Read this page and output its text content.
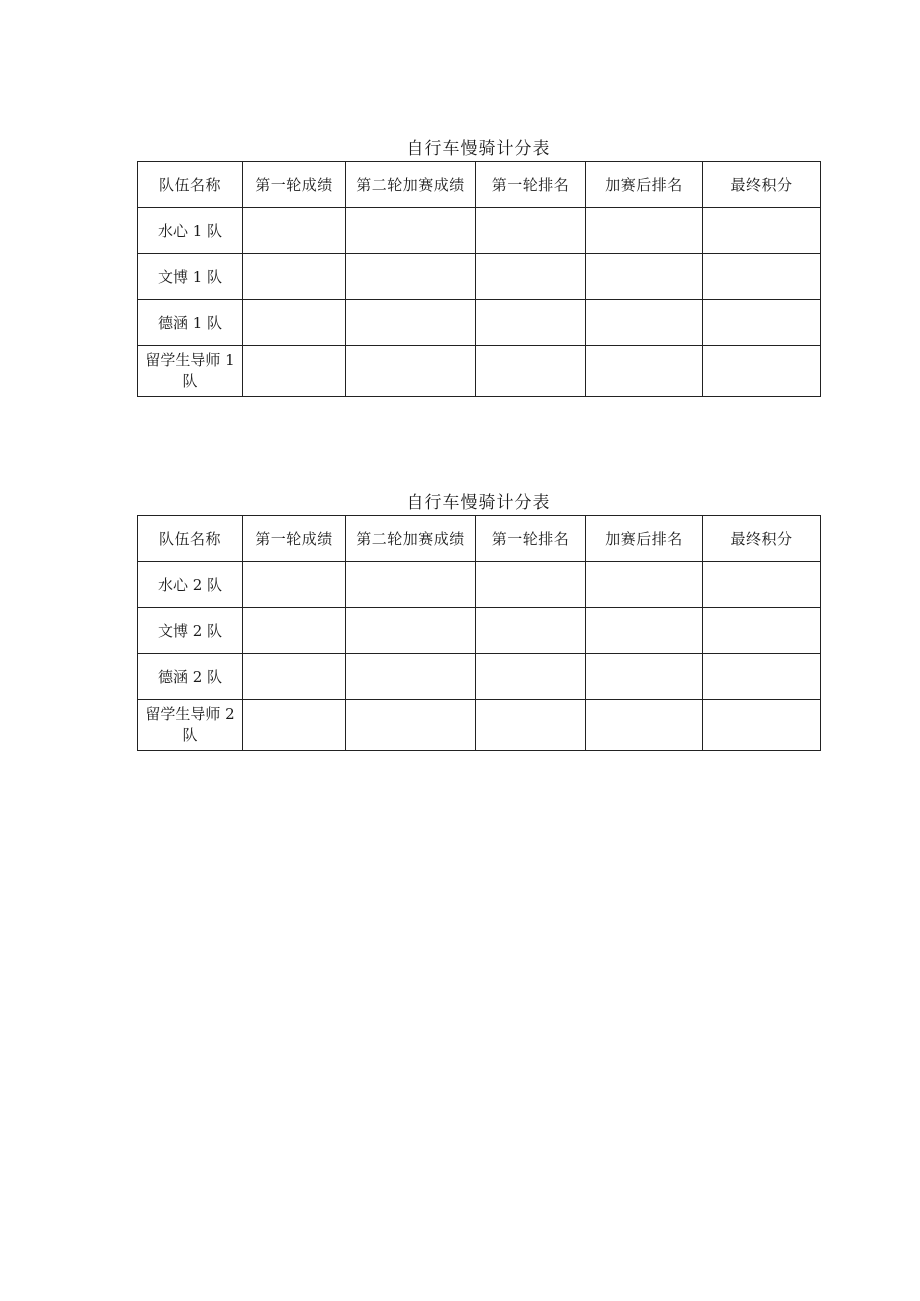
自行车慢骑计分表
队伍名称	第一轮成绩	第二轮加赛成绩	第一轮排名	加赛后排名	最终积分
水心 1 队					
文博 1 队					
德涵 1 队					
留学生导师 1 队					
自行车慢骑计分表
队伍名称	第一轮成绩	第二轮加赛成绩	第一轮排名	加赛后排名	最终积分
水心 2 队					
文博 2 队					
德涵 2 队					
留学生导师 2 队					
